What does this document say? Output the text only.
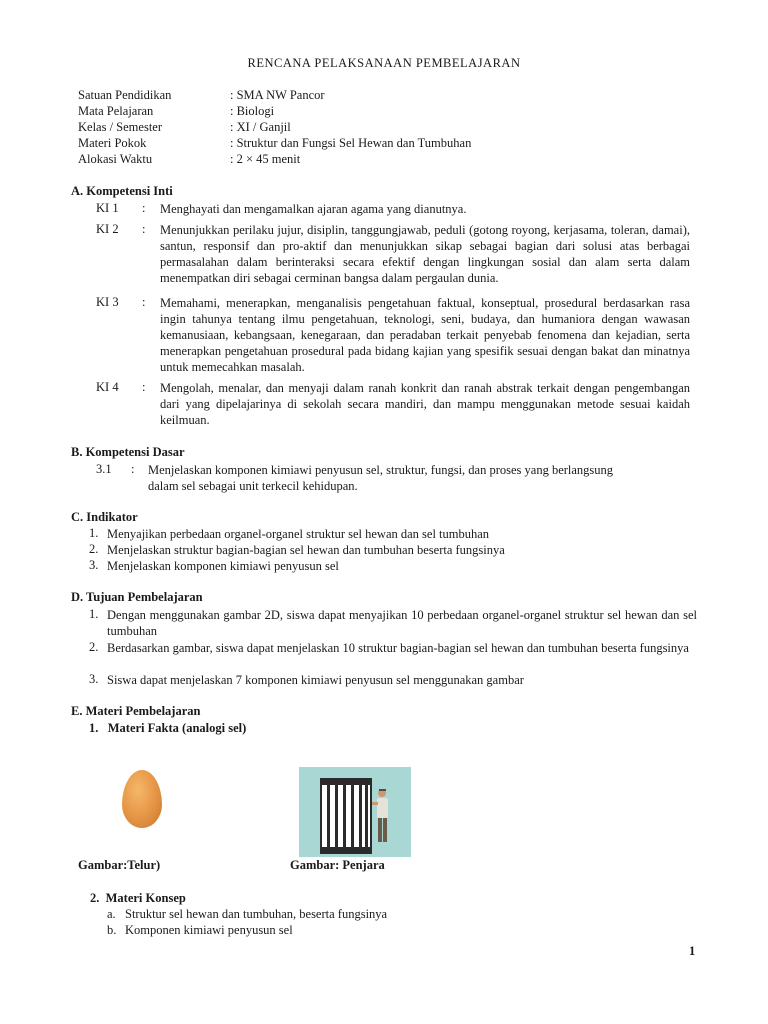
RENCANA PELAKSANAAN PEMBELAJARAN
Satuan Pendidikan	: SMA NW Pancor
Mata Pelajaran	: Biologi
Kelas / Semester	: XI / Ganjil
Materi Pokok	: Struktur dan Fungsi Sel Hewan dan Tumbuhan
Alokasi Waktu	: 2 × 45 menit
A. Kompetensi Inti
KI 1 : Menghayati dan mengamalkan ajaran agama yang dianutnya.
KI 2 : Menunjukkan perilaku jujur, disiplin, tanggungjawab, peduli (gotong royong, kerjasama, toleran, damai), santun, responsif dan pro-aktif dan menunjukkan sikap sebagai bagian dari solusi atas berbagai permasalahan dalam berinteraksi secara efektif dengan lingkungan sosial dan alam serta dalam menempatkan diri sebagai cerminan bangsa dalam pergaulan dunia.
KI 3 : Memahami, menerapkan, menganalisis pengetahuan faktual, konseptual, prosedural berdasarkan rasa ingin tahunya tentang ilmu pengetahuan, teknologi, seni, budaya, dan humaniora dengan wawasan kemanusiaan, kebangsaan, kenegaraan, dan peradaban terkait penyebab fenomena dan kejadian, serta menerapkan pengetahuan prosedural pada bidang kajian yang spesifik sesuai dengan bakat dan minatnya untuk memecahkan masalah.
KI 4 : Mengolah, menalar, dan menyaji dalam ranah konkrit dan ranah abstrak terkait dengan pengembangan dari yang dipelajarinya di sekolah secara mandiri, dan mampu menggunakan metode sesuai kaidah keilmuan.
B. Kompetensi Dasar
3.1 : Menjelaskan komponen kimiawi penyusun sel, struktur, fungsi, dan proses yang berlangsung
dalam sel sebagai unit terkecil kehidupan.
C. Indikator
1. Menyajikan perbedaan organel-organel struktur sel hewan dan sel tumbuhan
2. Menjelaskan struktur bagian-bagian sel hewan dan tumbuhan beserta fungsinya
3. Menjelaskan komponen kimiawi penyusun sel
D. Tujuan Pembelajaran
1. Dengan menggunakan gambar 2D, siswa dapat menyajikan 10 perbedaan organel-organel struktur sel hewan dan sel tumbuhan
2. Berdasarkan gambar, siswa dapat menjelaskan 10 struktur bagian-bagian sel hewan dan tumbuhan beserta fungsinya
3. Siswa dapat menjelaskan 7 komponen kimiawi penyusun sel menggunakan gambar
E. Materi Pembelajaran
1.   Materi Fakta (analogi sel)
Gambar:Telur)	Gambar: Penjara
2.  Materi Konsep
a. Struktur sel hewan dan tumbuhan, beserta fungsinya
b. Komponen kimiawi penyusun sel
1
